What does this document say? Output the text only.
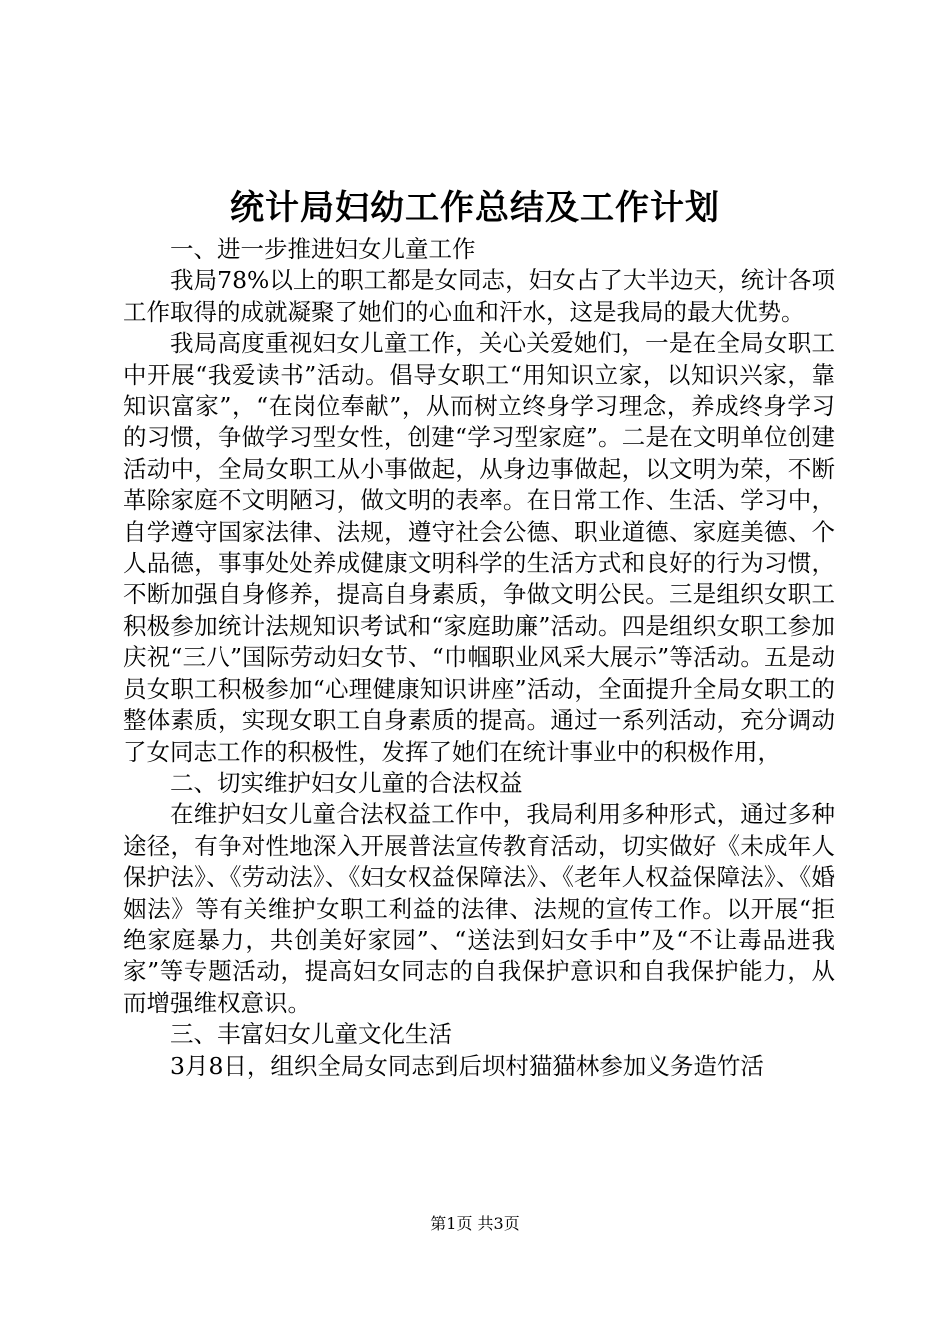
统计局妇幼工作总结及工作计划

一、进一步推进妇女儿童工作

我局78%以上的职工都是女同志，妇女占了大半边天，统计各项工作取得的成就凝聚了她们的心血和汗水，这是我局的最大优势。

我局高度重视妇女儿童工作，关心关爱她们，一是在全局女职工中开展“我爱读书”活动。倡导女职工“用知识立家，以知识兴家，靠知识富家”，“在岗位奉献”，从而树立终身学习理念，养成终身学习的习惯，争做学习型女性，创建“学习型家庭”。二是在文明单位创建活动中，全局女职工从小事做起，从身边事做起，以文明为荣，不断革除家庭不文明陋习，做文明的表率。在日常工作、生活、学习中，自学遵守国家法律、法规，遵守社会公德、职业道德、家庭美德、个人品德，事事处处养成健康文明科学的生活方式和良好的行为习惯，不断加强自身修养，提高自身素质，争做文明公民。三是组织女职工积极参加统计法规知识考试和“家庭助廉”活动。四是组织女职工参加庆祝“三八”国际劳动妇女节、“巾帼职业风采大展示”等活动。五是动员女职工积极参加“心理健康知识讲座”活动，全面提升全局女职工的整体素质，实现女职工自身素质的提高。通过一系列活动，充分调动了女同志工作的积极性，发挥了她们在统计事业中的积极作用，

二、切实维护妇女儿童的合法权益

在维护妇女儿童合法权益工作中，我局利用多种形式，通过多种途径，有争对性地深入开展普法宣传教育活动，切实做好《未成年人保护法》、《劳动法》、《妇女权益保障法》、《老年人权益保障法》、《婚姻法》等有关维护女职工利益的法律、法规的宣传工作。以开展“拒绝家庭暴力，共创美好家园”、“送法到妇女手中”及“不让毒品进我家”等专题活动，提高妇女同志的自我保护意识和自我保护能力，从而增强维权意识。

三、丰富妇女儿童文化生活

3月8日，组织全局女同志到后坝村猫猫林参加义务造竹活

第1页 共3页
